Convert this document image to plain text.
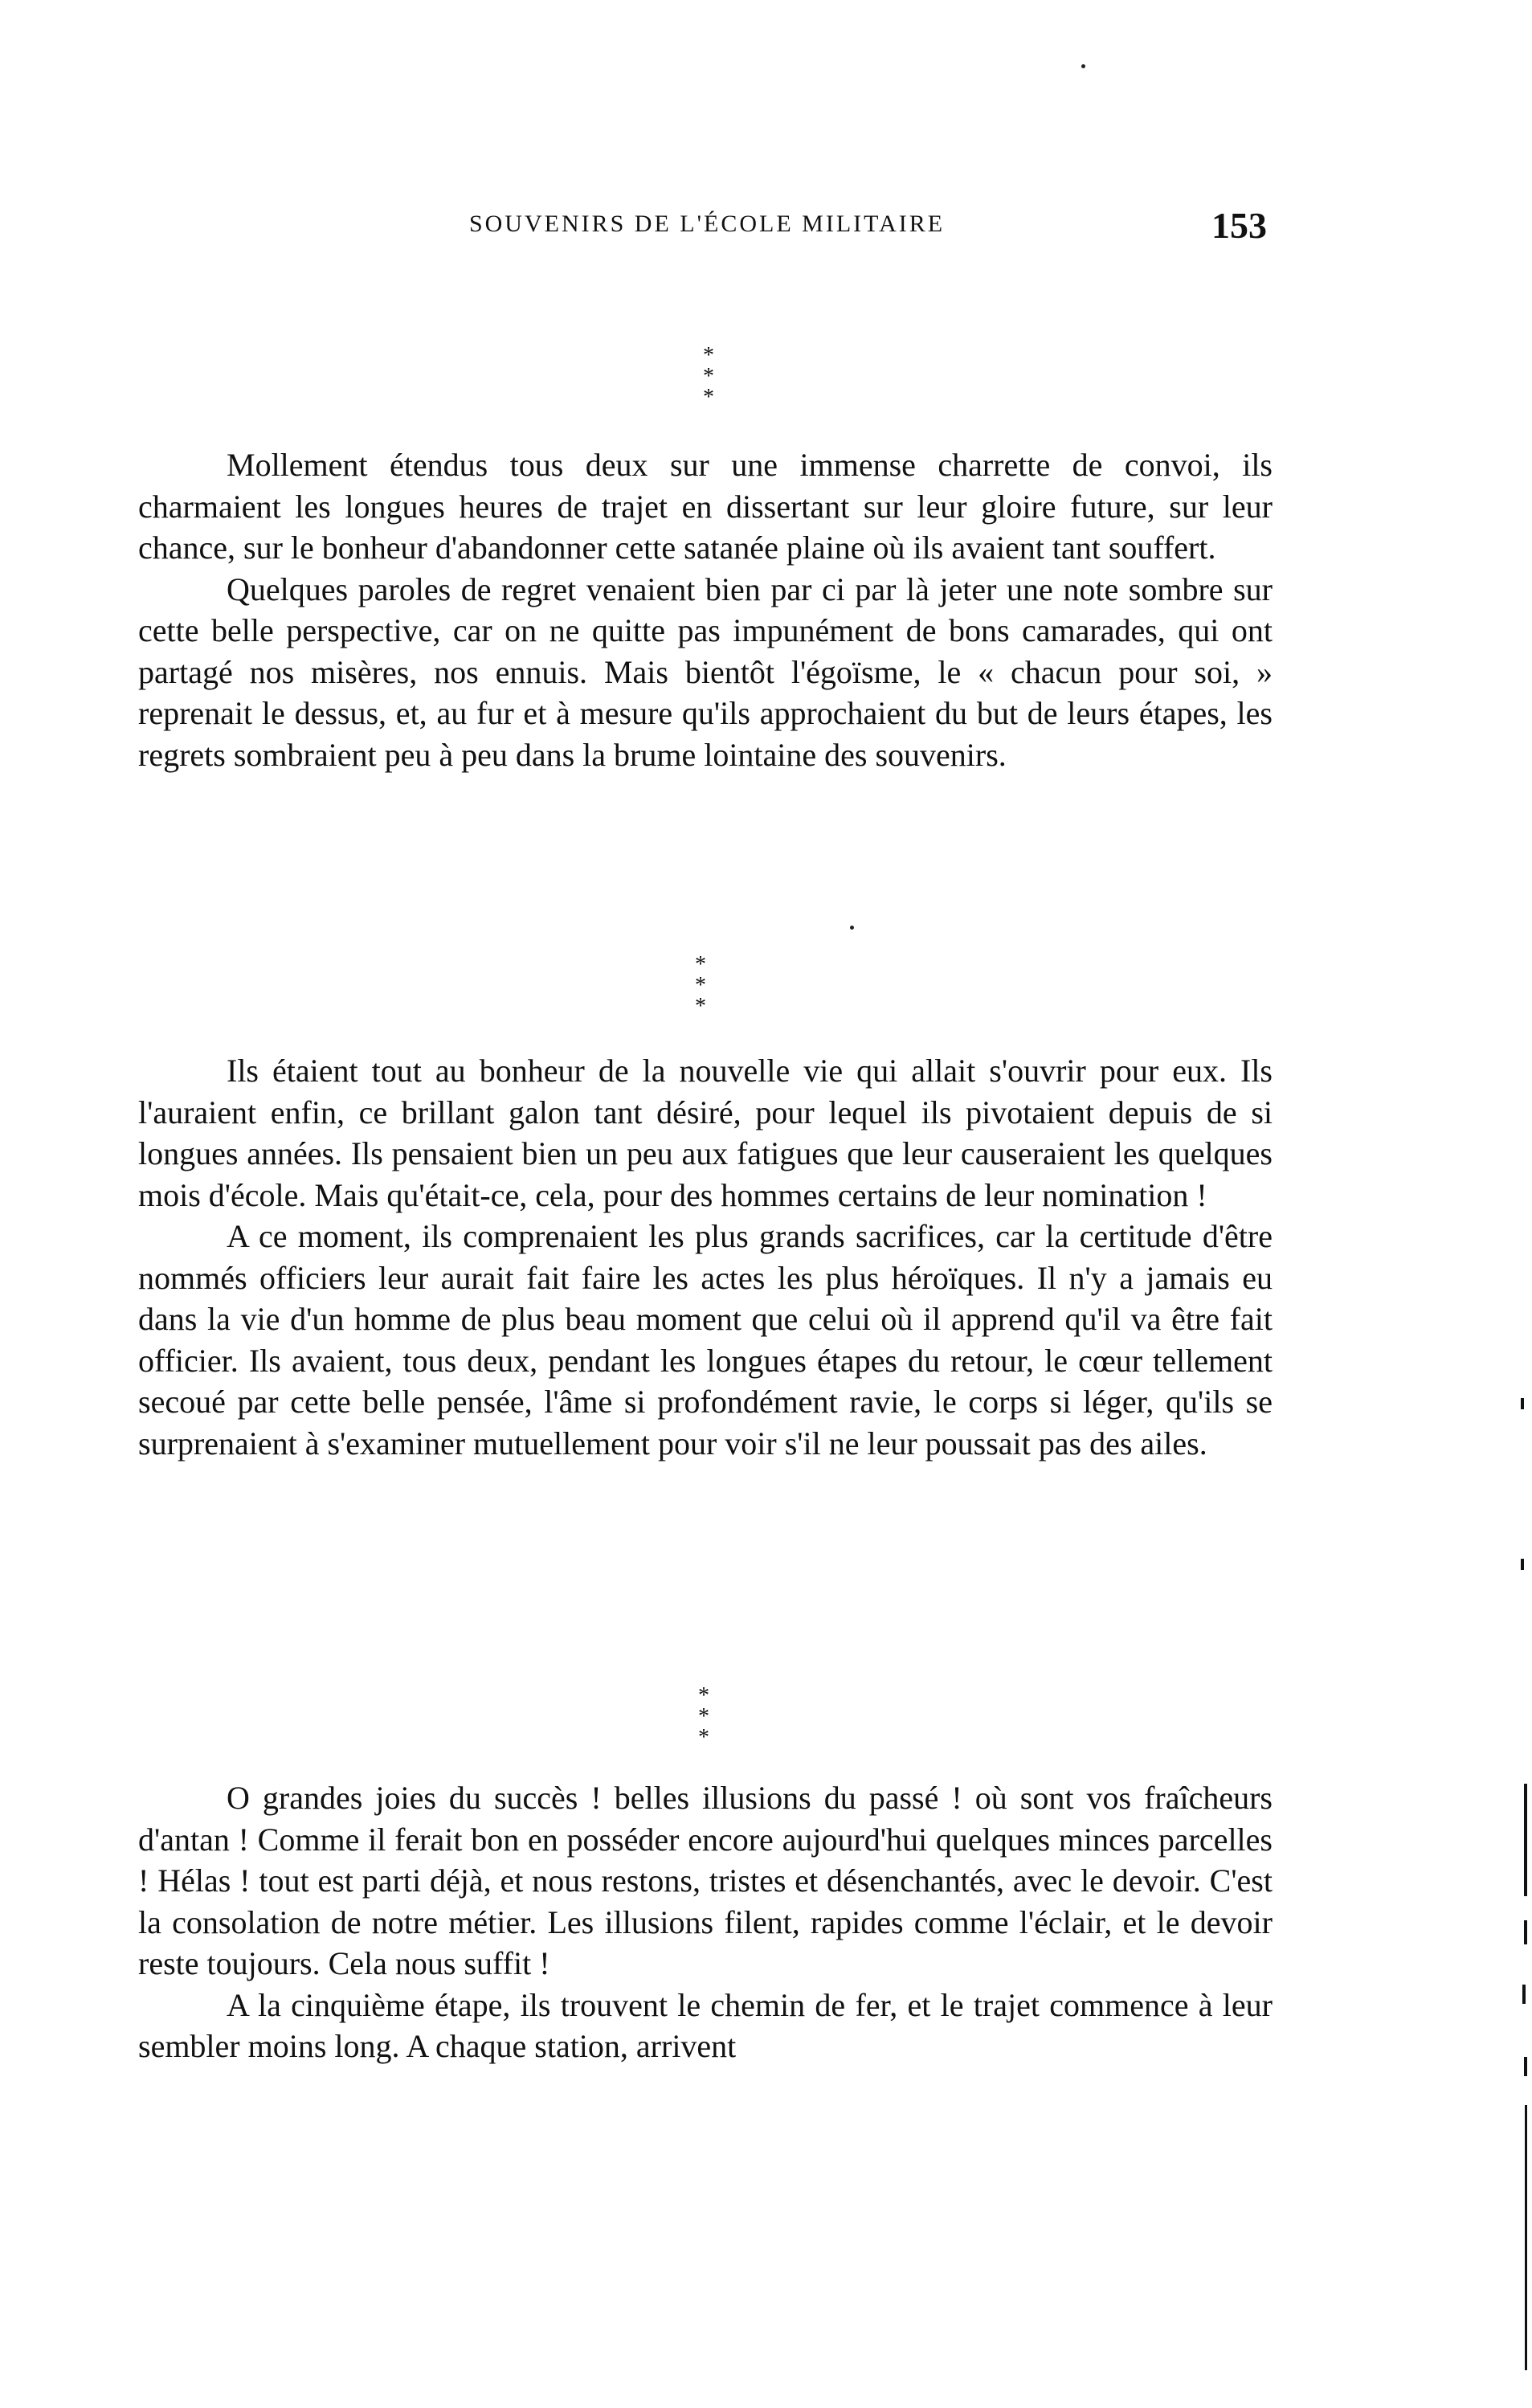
SOUVENIRS DE L'ÉCOLE MILITAIRE	153
*
* *

Mollement étendus tous deux sur une immense charrette de convoi, ils charmaient les longues heures de trajet en dissertant sur leur gloire future, sur leur chance, sur le bonheur d'abandonner cette satanée plaine où ils avaient tant souffert.

Quelques paroles de regret venaient bien par ci par là jeter une note sombre sur cette belle perspective, car on ne quitte pas impunément de bons camarades, qui ont partagé nos misères, nos ennuis. Mais bientôt l'égoïsme, le « chacun pour soi, » reprenait le dessus, et, au fur et à mesure qu'ils approchaient du but de leurs étapes, les regrets sombraient peu à peu dans la brume lointaine des souvenirs.

*
* *

Ils étaient tout au bonheur de la nouvelle vie qui allait s'ouvrir pour eux. Ils l'auraient enfin, ce brillant galon tant désiré, pour lequel ils pivotaient depuis de si longues années. Ils pensaient bien un peu aux fatigues que leur causeraient les quelques mois d'école. Mais qu'était-ce, cela, pour des hommes certains de leur nomination !

A ce moment, ils comprenaient les plus grands sacrifices, car la certitude d'être nommés officiers leur aurait fait faire les actes les plus héroïques. Il n'y a jamais eu dans la vie d'un homme de plus beau moment que celui où il apprend qu'il va être fait officier. Ils avaient, tous deux, pendant les longues étapes du retour, le cœur tellement secoué par cette belle pensée, l'âme si profondément ravie, le corps si léger, qu'ils se surprenaient à s'examiner mutuellement pour voir s'il ne leur poussait pas des ailes.

*
* *

O grandes joies du succès ! belles illusions du passé ! où sont vos fraîcheurs d'antan ! Comme il ferait bon en posséder encore aujourd'hui quelques minces parcelles ! Hélas ! tout est parti déjà, et nous restons, tristes et désenchantés, avec le devoir. C'est la consolation de notre métier. Les illusions filent, rapides comme l'éclair, et le devoir reste toujours. Cela nous suffit !

A la cinquième étape, ils trouvent le chemin de fer, et le trajet commence à leur sembler moins long. A chaque station, arrivent
